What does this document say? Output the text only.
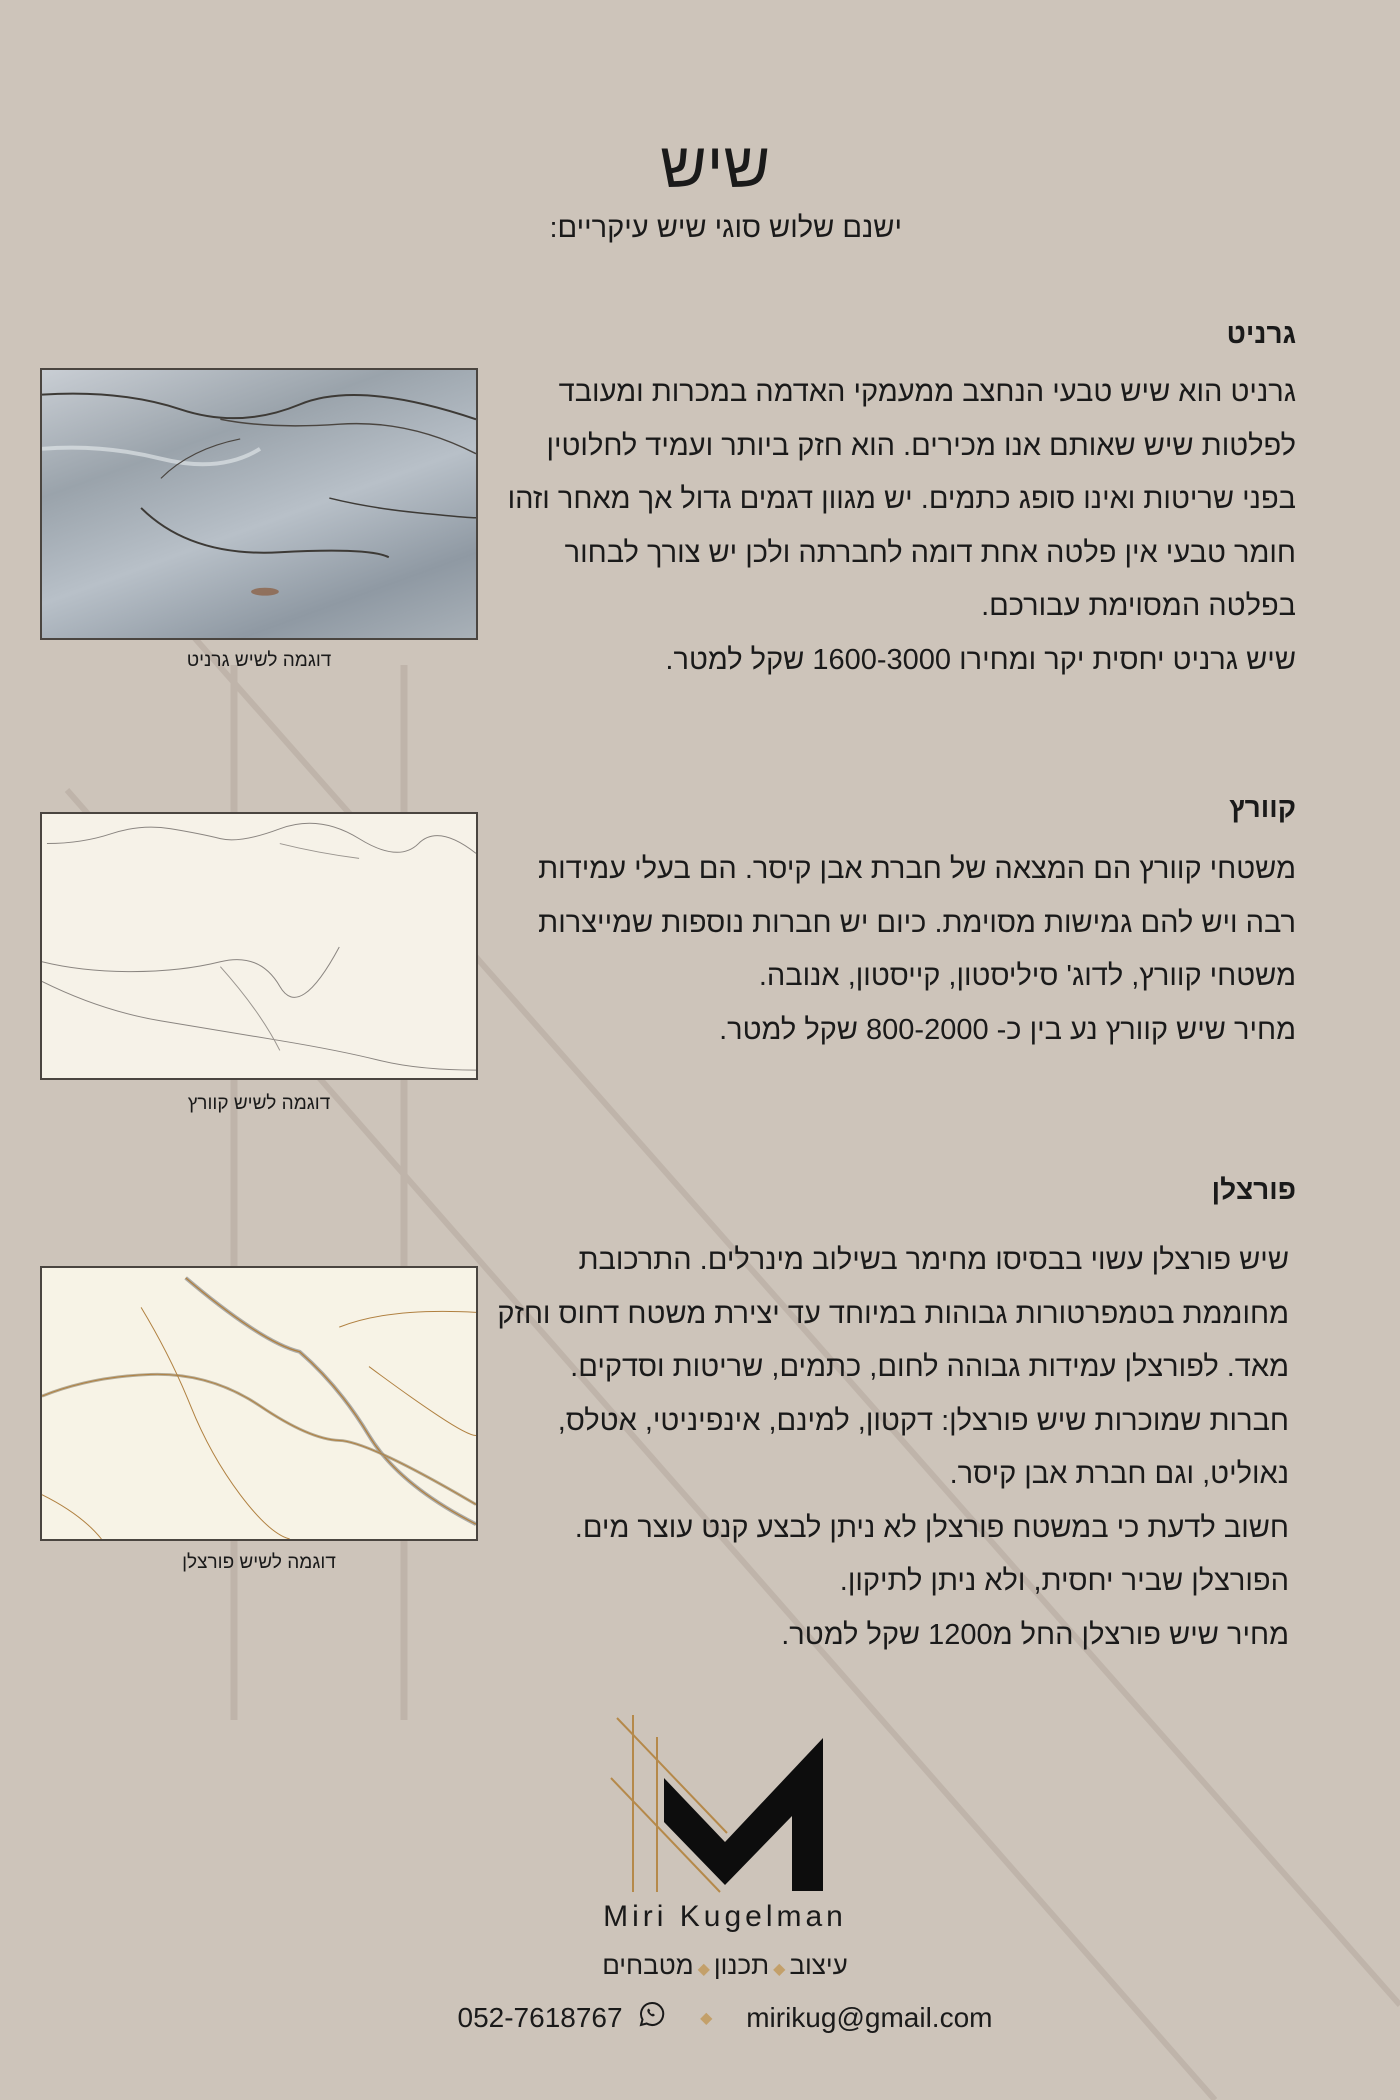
שיש
ישנם שלוש סוגי שיש עיקריים:
גרניט
גרניט הוא שיש טבעי הנחצב ממעמקי האדמה במכרות ומעובד
לפלטות שיש שאותם אנו מכירים. הוא חזק ביותר ועמיד לחלוטין
בפני שריטות ואינו סופג כתמים. יש מגוון דגמים גדול אך מאחר וזהו
חומר טבעי אין פלטה אחת דומה לחברתה ולכן יש צורך לבחור
בפלטה המסוימת עבורכם.
שיש גרניט יחסית יקר ומחירו 1600-3000 שקל למטר.
דוגמה לשיש גרניט
קוורץ
משטחי קוורץ הם המצאה של חברת אבן קיסר. הם בעלי עמידות
רבה ויש להם גמישות מסוימת. כיום יש חברות נוספות שמייצרות
משטחי קוורץ, לדוג' סיליסטון, קייסטון, אנובה.
מחיר שיש קוורץ נע בין כ- 800-2000 שקל למטר.
דוגמה לשיש קוורץ
פורצלן
שיש פורצלן עשוי בבסיסו מחימר בשילוב מינרלים. התרכובת
מחוממת בטמפרטורות גבוהות במיוחד עד יצירת משטח דחוס וחזק
מאד. לפורצלן עמידות גבוהה לחום, כתמים, שריטות וסדקים.
חברות שמוכרות שיש פורצלן: דקטון, למינם, אינפיניטי, אטלס,
נאוליט, וגם חברת אבן קיסר.
חשוב לדעת כי במשטח פורצלן לא ניתן לבצע קנט עוצר מים.
הפורצלן שביר יחסית, ולא ניתן לתיקון.
מחיר שיש פורצלן החל מ1200 שקל למטר.
דוגמה לשיש פורצלן
Miri Kugelman
עיצוב◆תכנון◆מטבחים
052-7618767	◆ mirikug@gmail.com
